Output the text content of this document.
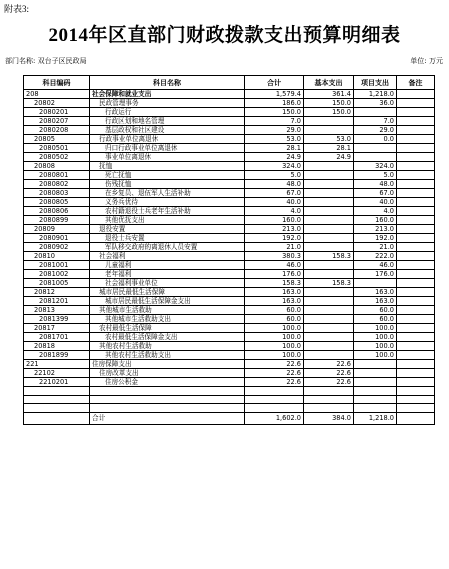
附表3:
2014年区直部门财政拨款支出预算明细表
部门名称: 双台子区民政局	单位: 万元
科目编码	科目名称	合计	基本支出	项目支出	备注
208	社会保障和就业支出	1,579.4	361.4	1,218.0	
20802	民政管理事务	186.0	150.0	36.0	
2080201	行政运行	150.0	150.0		
2080207	行政区划和地名管理	7.0		7.0	
2080208	基层政权和社区建设	29.0		29.0	
20805	行政事业单位离退休	53.0	53.0	0.0	
2080501	归口行政事业单位离退休	28.1	28.1		
2080502	事业单位离退休	24.9	24.9		
20808	抚恤	324.0		324.0	
2080801	死亡抚恤	5.0		5.0	
2080802	伤残抚恤	48.0		48.0	
2080803	在乡复员、退伍军人生活补助	67.0		67.0	
2080805	义务兵优待	40.0		40.0	
2080806	农村籍退役士兵老年生活补助	4.0		4.0	
2080899	其他优抚支出	160.0		160.0	
20809	退役安置	213.0		213.0	
2080901	退役士兵安置	192.0		192.0	
2080902	军队移交政府的离退休人员安置	21.0		21.0	
20810	社会福利	380.3	158.3	222.0	
2081001	儿童福利	46.0		46.0	
2081002	老年福利	176.0		176.0	
2081005	社会福利事业单位	158.3	158.3		
20812	城市居民最低生活保障	163.0		163.0	
2081201	城市居民最低生活保障金支出	163.0		163.0	
20813	其他城市生活救助	60.0		60.0	
2081399	其他城市生活救助支出	60.0		60.0	
20817	农村最低生活保障	100.0		100.0	
2081701	农村最低生活保障金支出	100.0		100.0	
20818	其他农村生活救助	100.0		100.0	
2081899	其他农村生活救助支出	100.0		100.0	
221	住房保障支出	22.6	22.6		
22102	住房改革支出	22.6	22.6		
2210201	住房公积金	22.6	22.6		

	合计	1,602.0	384.0	1,218.0	
